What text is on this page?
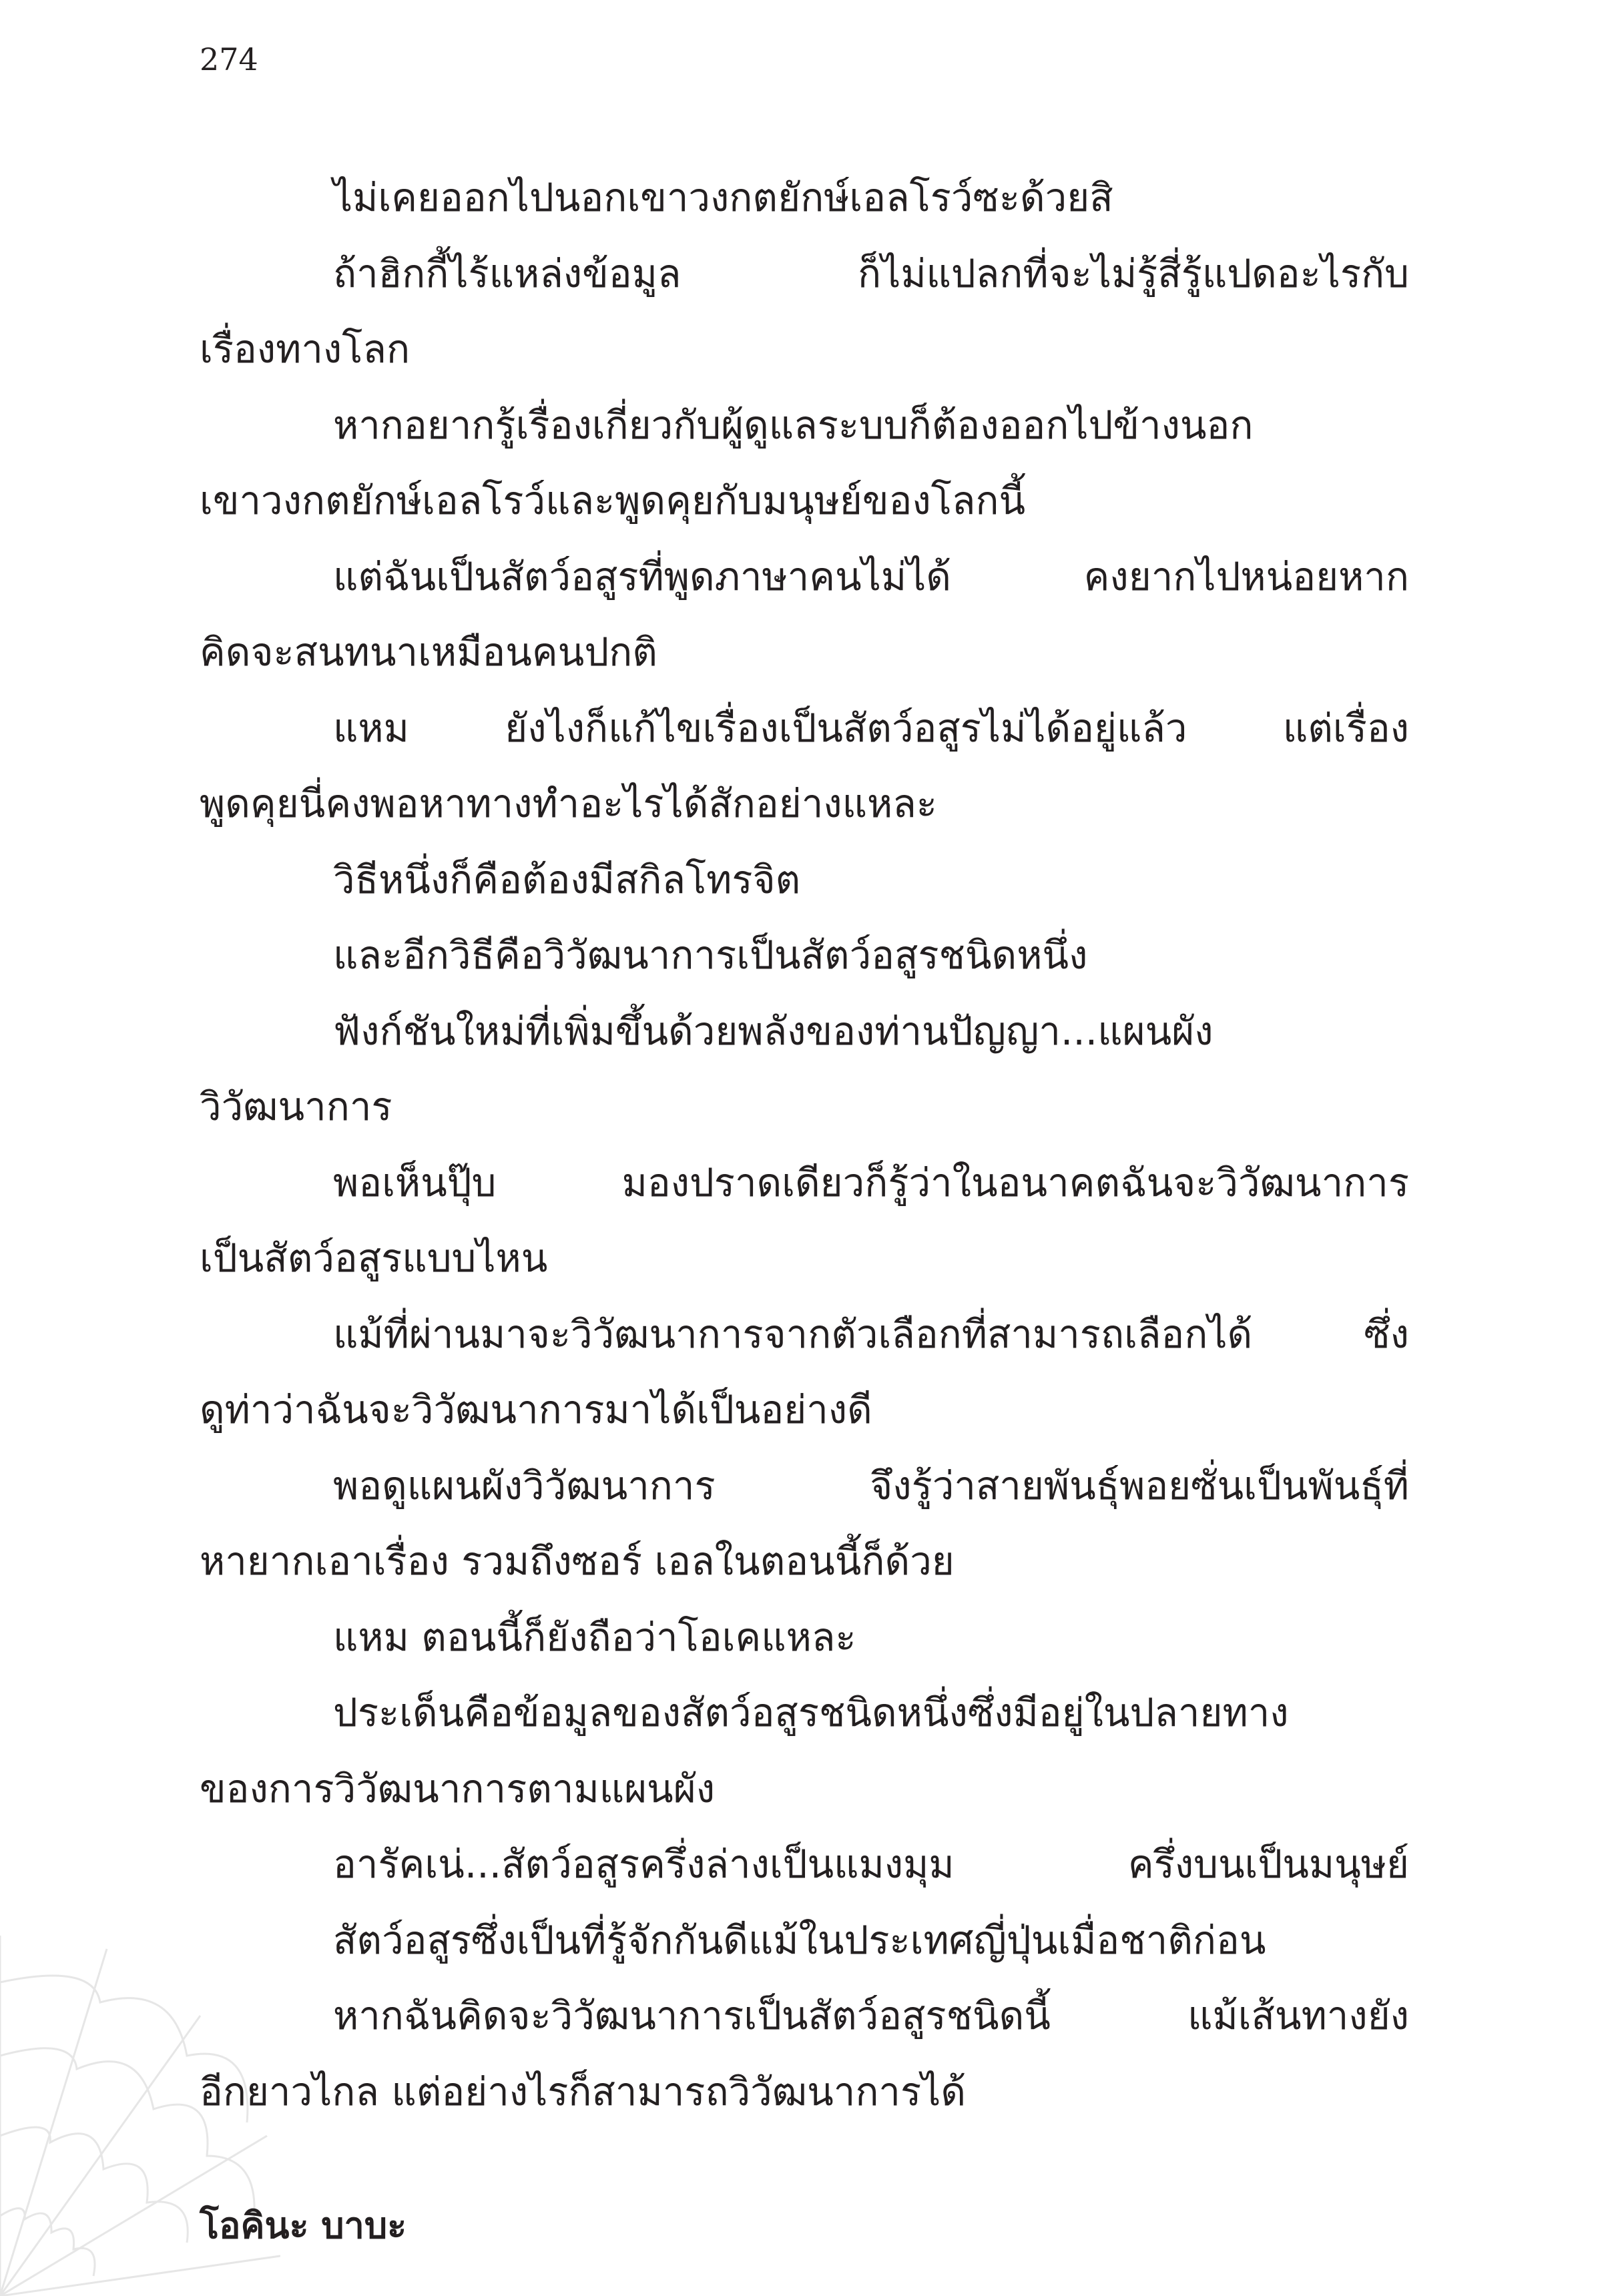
274
ไม่เคยออกไปนอกเขาวงกตยักษ์เอลโรว์ซะด้วยสิ
ถ้าฮิกกี้ไร้แหล่งข้อมูล ก็ไม่แปลกที่จะไม่รู้สี่รู้แปดอะไรกับ
เรื่องทางโลก
หากอยากรู้เรื่องเกี่ยวกับผู้ดูแลระบบก็ต้องออกไปข้างนอก
เขาวงกตยักษ์เอลโรว์และพูดคุยกับมนุษย์ของโลกนี้
แต่ฉันเป็นสัตว์อสูรที่พูดภาษาคนไม่ได้ คงยากไปหน่อยหาก
คิดจะสนทนาเหมือนคนปกติ
แหม ยังไงก็แก้ไขเรื่องเป็นสัตว์อสูรไม่ได้อยู่แล้ว แต่เรื่อง
พูดคุยนี่คงพอหาทางทำอะไรได้สักอย่างแหละ
วิธีหนึ่งก็คือต้องมีสกิลโทรจิต
และอีกวิธีคือวิวัฒนาการเป็นสัตว์อสูรชนิดหนึ่ง
ฟังก์ชันใหม่ที่เพิ่มขึ้นด้วยพลังของท่านปัญญา...แผนผัง
วิวัฒนาการ
พอเห็นปุ๊บ มองปราดเดียวก็รู้ว่าในอนาคตฉันจะวิวัฒนาการ
เป็นสัตว์อสูรแบบไหน
แม้ที่ผ่านมาจะวิวัฒนาการจากตัวเลือกที่สามารถเลือกได้ ซึ่ง
ดูท่าว่าฉันจะวิวัฒนาการมาได้เป็นอย่างดี
พอดูแผนผังวิวัฒนาการ จึงรู้ว่าสายพันธุ์พอยซั่นเป็นพันธุ์ที่
หายากเอาเรื่อง รวมถึงซอร์ เอลในตอนนี้ก็ด้วย
แหม ตอนนี้ก็ยังถือว่าโอเคแหละ
ประเด็นคือข้อมูลของสัตว์อสูรชนิดหนึ่งซึ่งมีอยู่ในปลายทาง
ของการวิวัฒนาการตามแผนผัง
อารัคเน่...สัตว์อสูรครึ่งล่างเป็นแมงมุม ครึ่งบนเป็นมนุษย์
สัตว์อสูรซึ่งเป็นที่รู้จักกันดีแม้ในประเทศญี่ปุ่นเมื่อชาติก่อน
หากฉันคิดจะวิวัฒนาการเป็นสัตว์อสูรชนิดนี้ แม้เส้นทางยัง
อีกยาวไกล แต่อย่างไรก็สามารถวิวัฒนาการได้
โอคินะ บาบะ
